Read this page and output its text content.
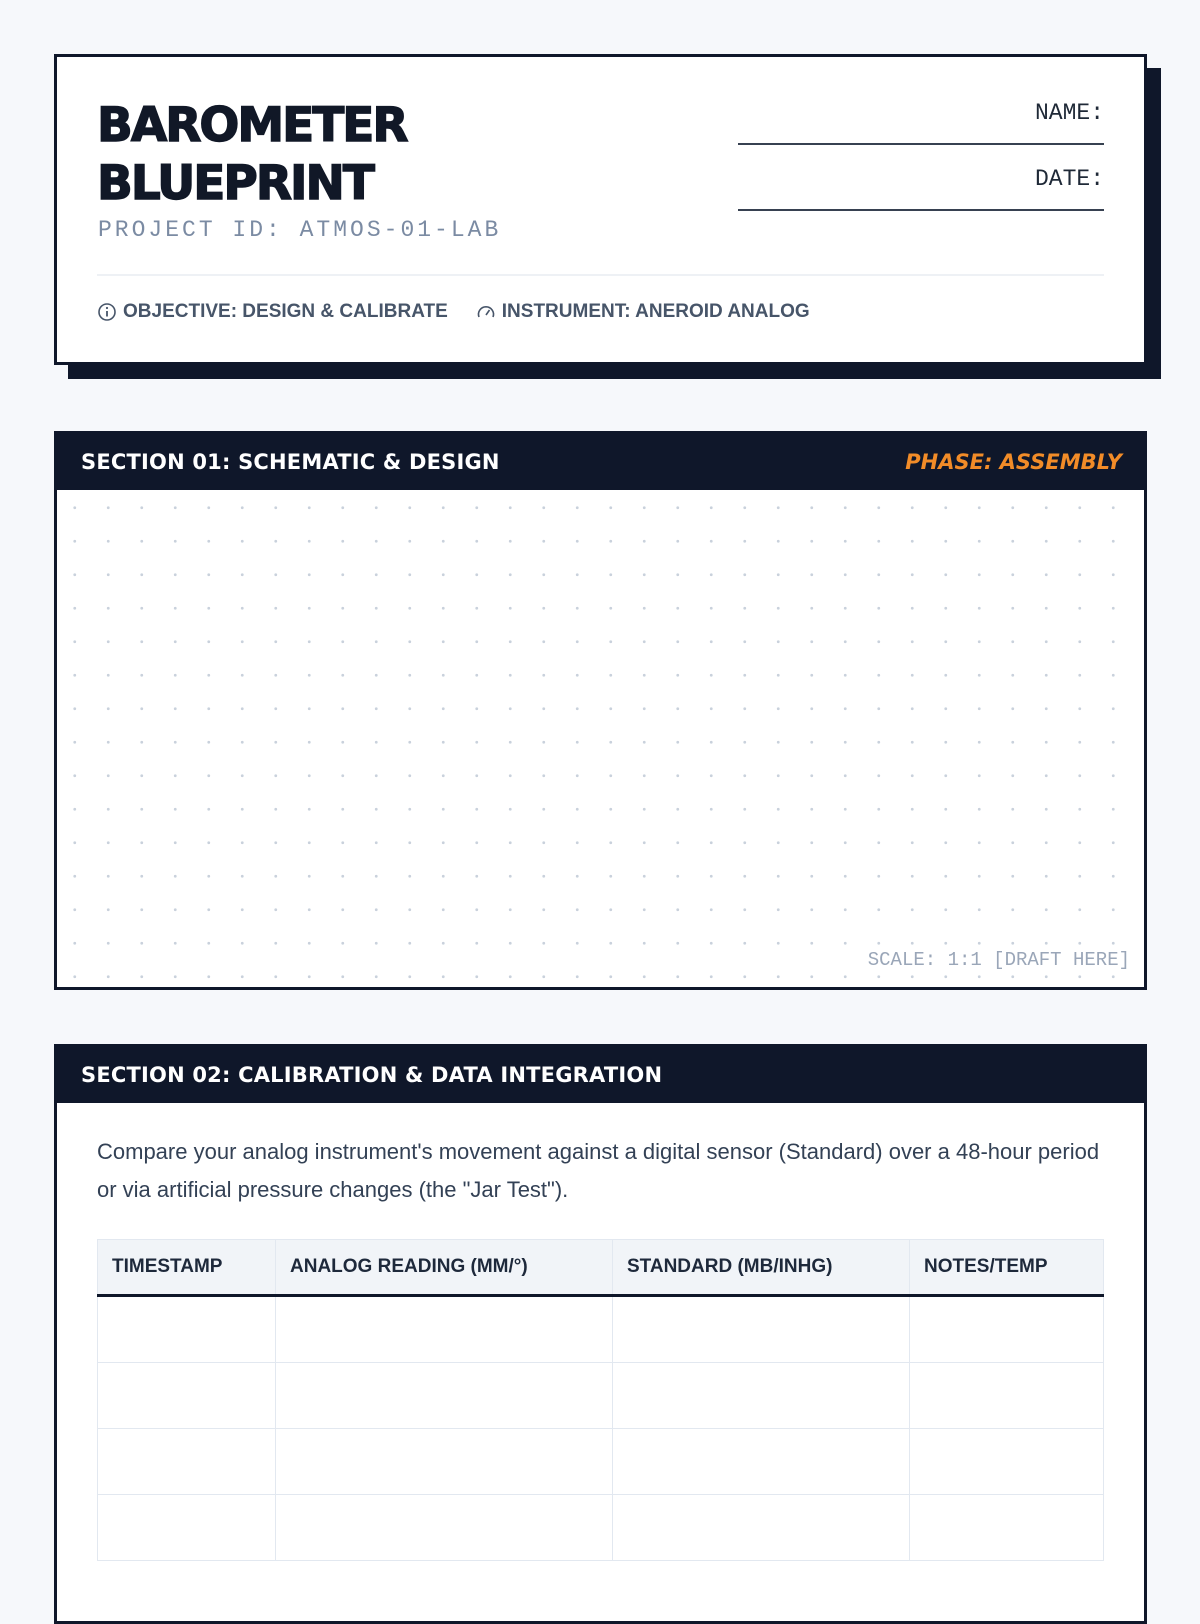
BAROMETER
BLUEPRINT
PROJECT ID: ATMOS-01-LAB
NAME:
DATE:
OBJECTIVE: DESIGN & CALIBRATE	INSTRUMENT: ANEROID ANALOG
SECTION 01: SCHEMATIC & DESIGN	PHASE: ASSEMBLY
SCALE: 1:1 [DRAFT HERE]
SECTION 02: CALIBRATION & DATA INTEGRATION

Compare your analog instrument's movement against a digital sensor (Standard) over a 48-hour period or via artificial pressure changes (the "Jar Test").

TIMESTAMP	ANALOG READING (MM/°)	STANDARD (MB/INHG)	NOTES/TEMP
